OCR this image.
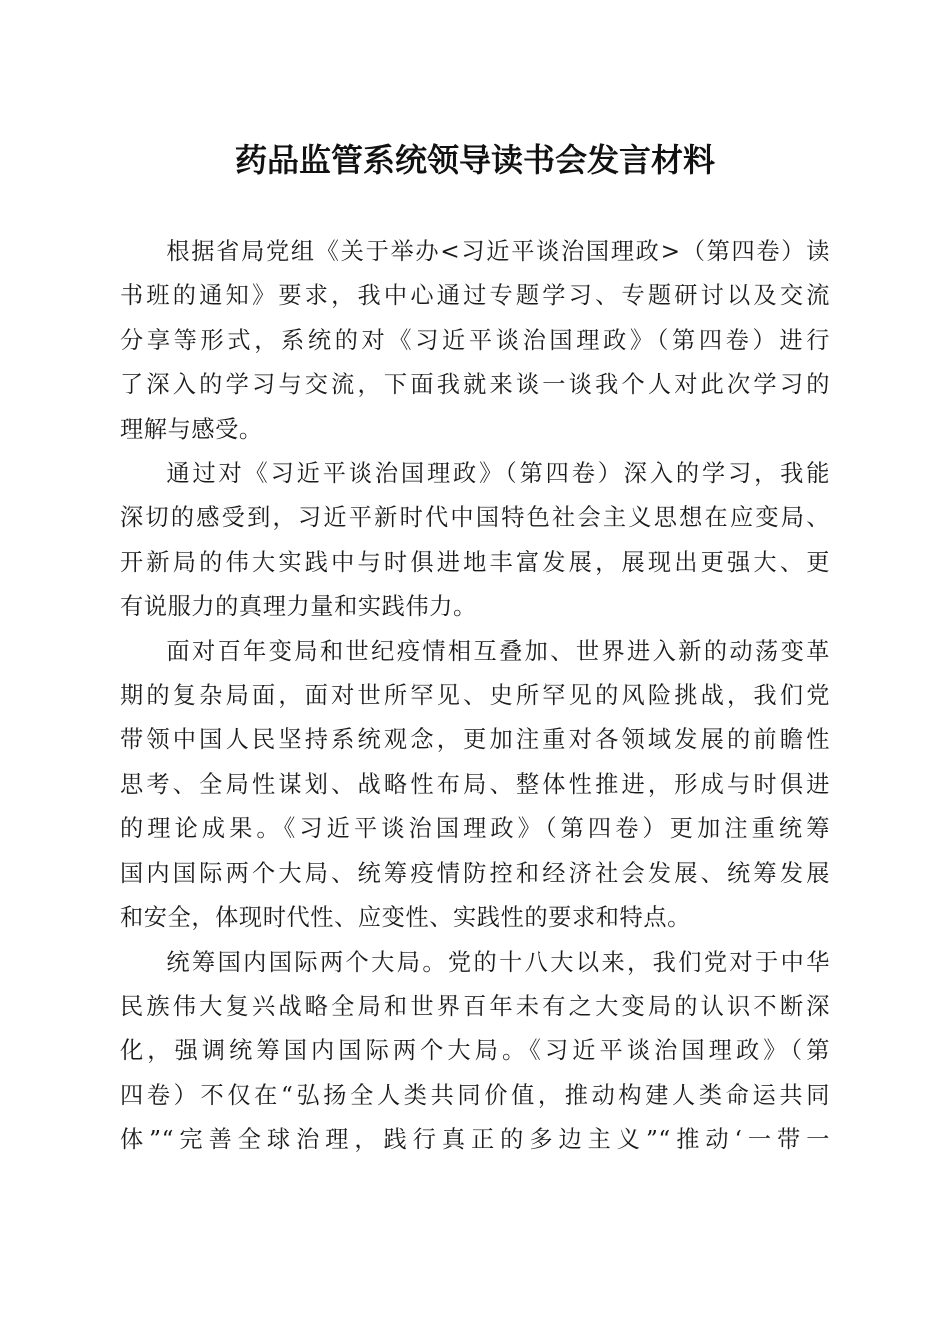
药品监管系统领导读书会发言材料
根据省局党组《关于举办<习近平谈治国理政>（第四卷）读
书班的通知》要求，我中心通过专题学习、专题研讨以及交流
分享等形式，系统的对《习近平谈治国理政》（第四卷）进行
了深入的学习与交流，下面我就来谈一谈我个人对此次学习的
理解与感受。
通过对《习近平谈治国理政》（第四卷）深入的学习，我能
深切的感受到，习近平新时代中国特色社会主义思想在应变局、
开新局的伟大实践中与时俱进地丰富发展，展现出更强大、更
有说服力的真理力量和实践伟力。
面对百年变局和世纪疫情相互叠加、世界进入新的动荡变革
期的复杂局面，面对世所罕见、史所罕见的风险挑战，我们党
带领中国人民坚持系统观念，更加注重对各领域发展的前瞻性
思考、全局性谋划、战略性布局、整体性推进，形成与时俱进
的理论成果。《习近平谈治国理政》（第四卷）更加注重统筹
国内国际两个大局、统筹疫情防控和经济社会发展、统筹发展
和安全，体现时代性、应变性、实践性的要求和特点。
统筹国内国际两个大局。党的十八大以来，我们党对于中华
民族伟大复兴战略全局和世界百年未有之大变局的认识不断深
化，强调统筹国内国际两个大局。《习近平谈治国理政》（第
四卷）不仅在“弘扬全人类共同价值，推动构建人类命运共同
体”“完善全球治理，践行真正的多边主义”“推动‘一带一
